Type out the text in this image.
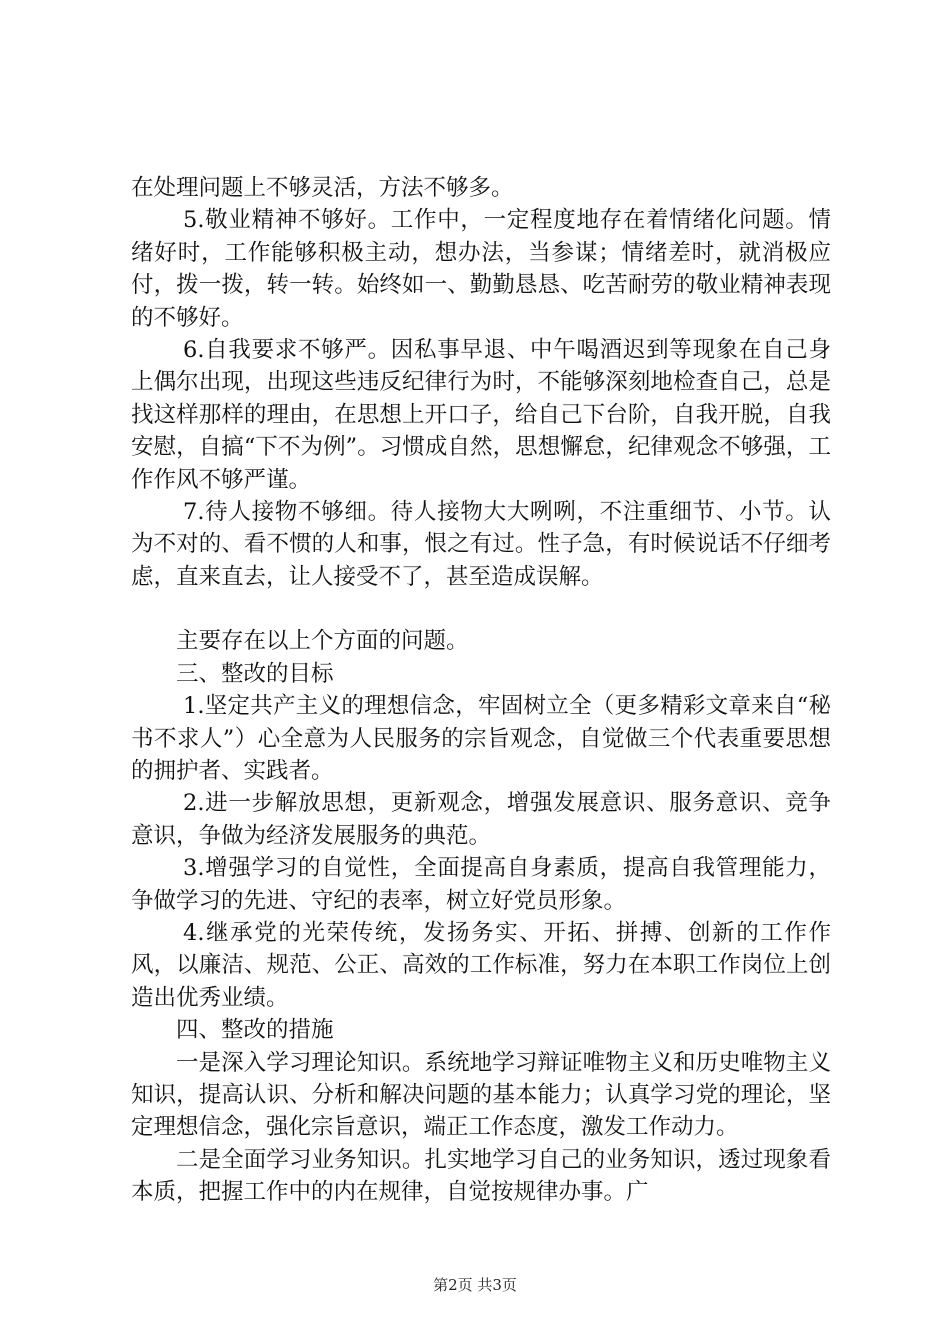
在处理问题上不够灵活，方法不够多。

5.敬业精神不够好。工作中，一定程度地存在着情绪化问题。情绪好时，工作能够积极主动，想办法，当参谋；情绪差时，就消极应付，拨一拨，转一转。始终如一、勤勤恳恳、吃苦耐劳的敬业精神表现的不够好。

6.自我要求不够严。因私事早退、中午喝酒迟到等现象在自己身上偶尔出现，出现这些违反纪律行为时，不能够深刻地检查自己，总是找这样那样的理由，在思想上开口子，给自己下台阶，自我开脱，自我安慰，自搞“下不为例”。习惯成自然，思想懈怠，纪律观念不够强，工作作风不够严谨。

7.待人接物不够细。待人接物大大咧咧，不注重细节、小节。认为不对的、看不惯的人和事，恨之有过。性子急，有时候说话不仔细考虑，直来直去，让人接受不了，甚至造成误解。

主要存在以上个方面的问题。

三、整改的目标

1.坚定共产主义的理想信念，牢固树立全（更多精彩文章来自“秘书不求人”）心全意为人民服务的宗旨观念，自觉做三个代表重要思想的拥护者、实践者。

2.进一步解放思想，更新观念，增强发展意识、服务意识、竞争意识，争做为经济发展服务的典范。

3.增强学习的自觉性，全面提高自身素质，提高自我管理能力，争做学习的先进、守纪的表率，树立好党员形象。

4.继承党的光荣传统，发扬务实、开拓、拼搏、创新的工作作风，以廉洁、规范、公正、高效的工作标准，努力在本职工作岗位上创造出优秀业绩。

四、整改的措施

一是深入学习理论知识。系统地学习辩证唯物主义和历史唯物主义知识，提高认识、分析和解决问题的基本能力；认真学习党的理论，坚定理想信念，强化宗旨意识，端正工作态度，激发工作动力。

二是全面学习业务知识。扎实地学习自己的业务知识，透过现象看本质，把握工作中的内在规律，自觉按规律办事。广

第2页 共3页
